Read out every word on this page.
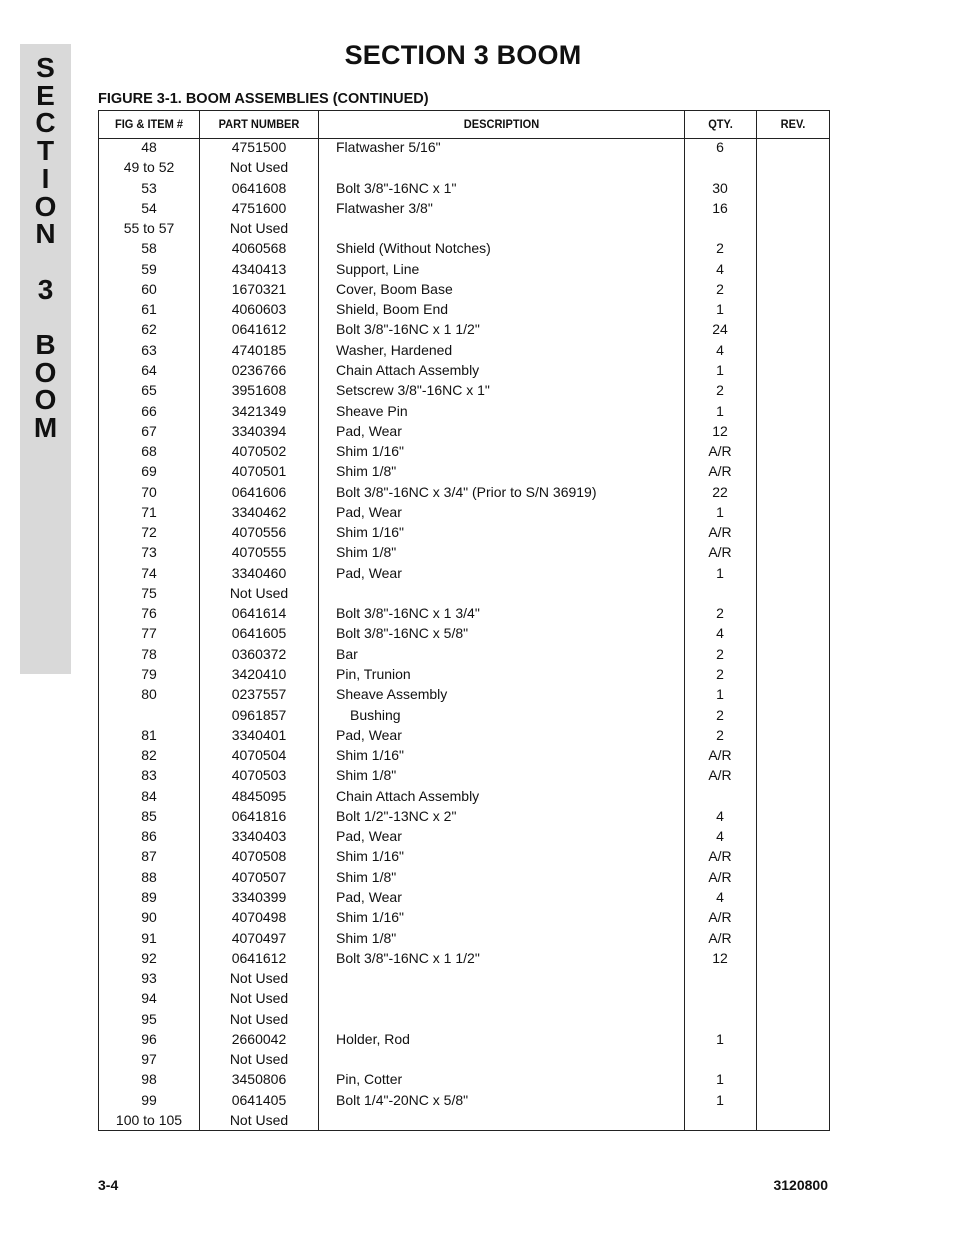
S
E
C
T
I
O
N
3
B
O
O
M
SECTION 3 BOOM
FIGURE 3-1. BOOM ASSEMBLIES (CONTINUED)
FIG & ITEM #	PART NUMBER	DESCRIPTION	QTY.	REV.
48	4751500	Flatwasher 5/16"	6
49 to 52	Not Used
53	0641608	Bolt 3/8"-16NC x 1"	30
54	4751600	Flatwasher 3/8"	16
55 to 57	Not Used
58	4060568	Shield (Without Notches)	2
59	4340413	Support, Line	4
60	1670321	Cover, Boom Base	2
61	4060603	Shield, Boom End	1
62	0641612	Bolt 3/8"-16NC x 1 1/2"	24
63	4740185	Washer, Hardened	4
64	0236766	Chain Attach Assembly	1
65	3951608	Setscrew 3/8"-16NC x 1"	2
66	3421349	Sheave Pin	1
67	3340394	Pad, Wear	12
68	4070502	Shim 1/16"	A/R
69	4070501	Shim 1/8"	A/R
70	0641606	Bolt 3/8"-16NC x 3/4" (Prior to S/N 36919)	22
71	3340462	Pad, Wear	1
72	4070556	Shim 1/16"	A/R
73	4070555	Shim 1/8"	A/R
74	3340460	Pad, Wear	1
75	Not Used
76	0641614	Bolt 3/8"-16NC x 1 3/4"	2
77	0641605	Bolt 3/8"-16NC x 5/8"	4
78	0360372	Bar	2
79	3420410	Pin, Trunion	2
80	0237557	Sheave Assembly	1
0961857	Bushing	2
81	3340401	Pad, Wear	2
82	4070504	Shim 1/16"	A/R
83	4070503	Shim 1/8"	A/R
84	4845095	Chain Attach Assembly
85	0641816	Bolt 1/2"-13NC x 2"	4
86	3340403	Pad, Wear	4
87	4070508	Shim 1/16"	A/R
88	4070507	Shim 1/8"	A/R
89	3340399	Pad, Wear	4
90	4070498	Shim 1/16"	A/R
91	4070497	Shim 1/8"	A/R
92	0641612	Bolt 3/8"-16NC x 1 1/2"	12
93	Not Used
94	Not Used
95	Not Used
96	2660042	Holder, Rod	1
97	Not Used
98	3450806	Pin, Cotter	1
99	0641405	Bolt 1/4"-20NC x 5/8"	1
100 to 105	Not Used
3-4	3120800
